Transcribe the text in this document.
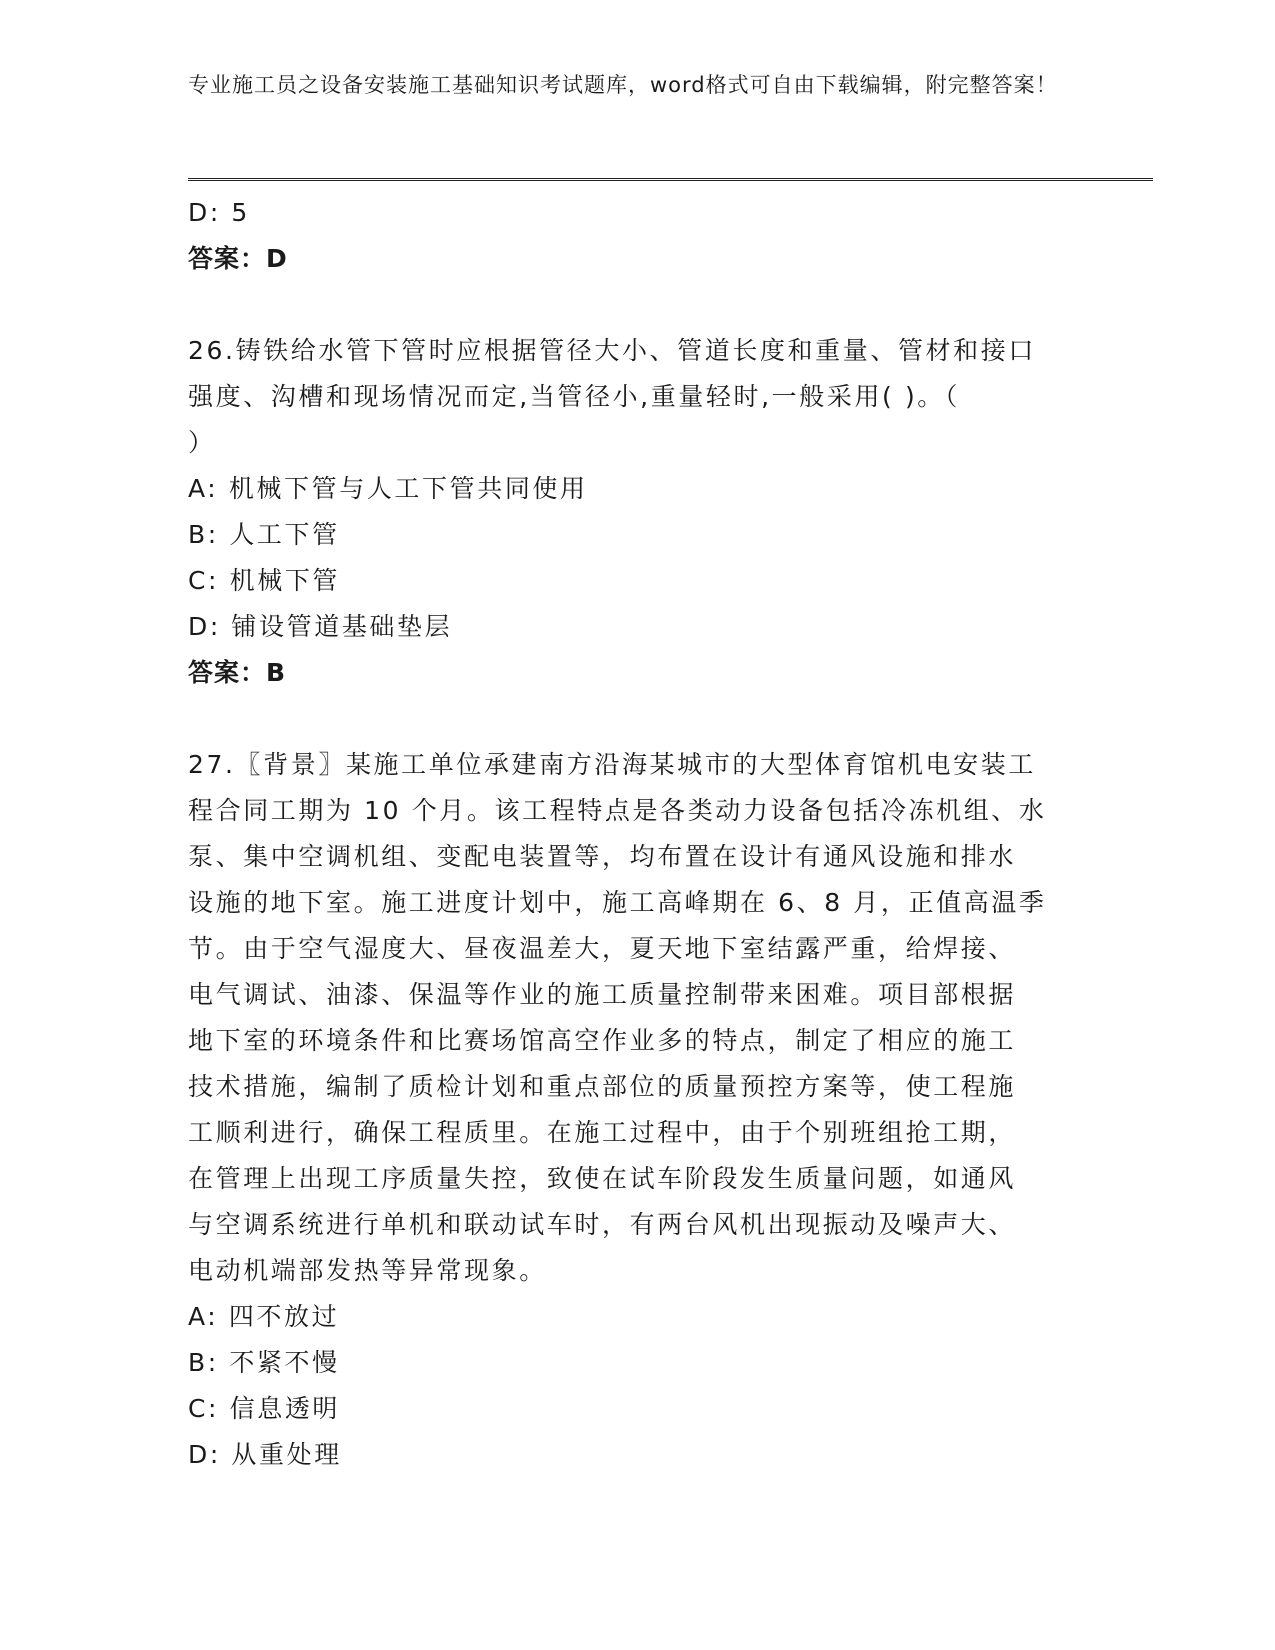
专业施工员之设备安装施工基础知识考试题库，word格式可自由下载编辑，附完整答案！
D: 5
答案：D
26.铸铁给水管下管时应根据管径大小、管道长度和重量、管材和接口
强度、沟槽和现场情况而定,当管径小,重量轻时,一般采用( )。（
）
A: 机械下管与人工下管共同使用
B: 人工下管
C: 机械下管
D: 铺设管道基础垫层
答案：B
27.〖背景〗某施工单位承建南方沿海某城市的大型体育馆机电安装工
程合同工期为 10 个月。该工程特点是各类动力设备包括冷冻机组、水
泵、集中空调机组、变配电装置等，均布置在设计有通风设施和排水
设施的地下室。施工进度计划中，施工高峰期在 6、8 月，正值高温季
节。由于空气湿度大、昼夜温差大，夏天地下室结露严重，给焊接、
电气调试、油漆、保温等作业的施工质量控制带来困难。项目部根据
地下室的环境条件和比赛场馆高空作业多的特点，制定了相应的施工
技术措施，编制了质检计划和重点部位的质量预控方案等，使工程施
工顺利进行，确保工程质里。在施工过程中，由于个别班组抢工期，
在管理上出现工序质量失控，致使在试车阶段发生质量问题，如通风
与空调系统进行单机和联动试车时，有两台风机出现振动及噪声大、
电动机端部发热等异常现象。
A: 四不放过
B: 不紧不慢
C: 信息透明
D: 从重处理
